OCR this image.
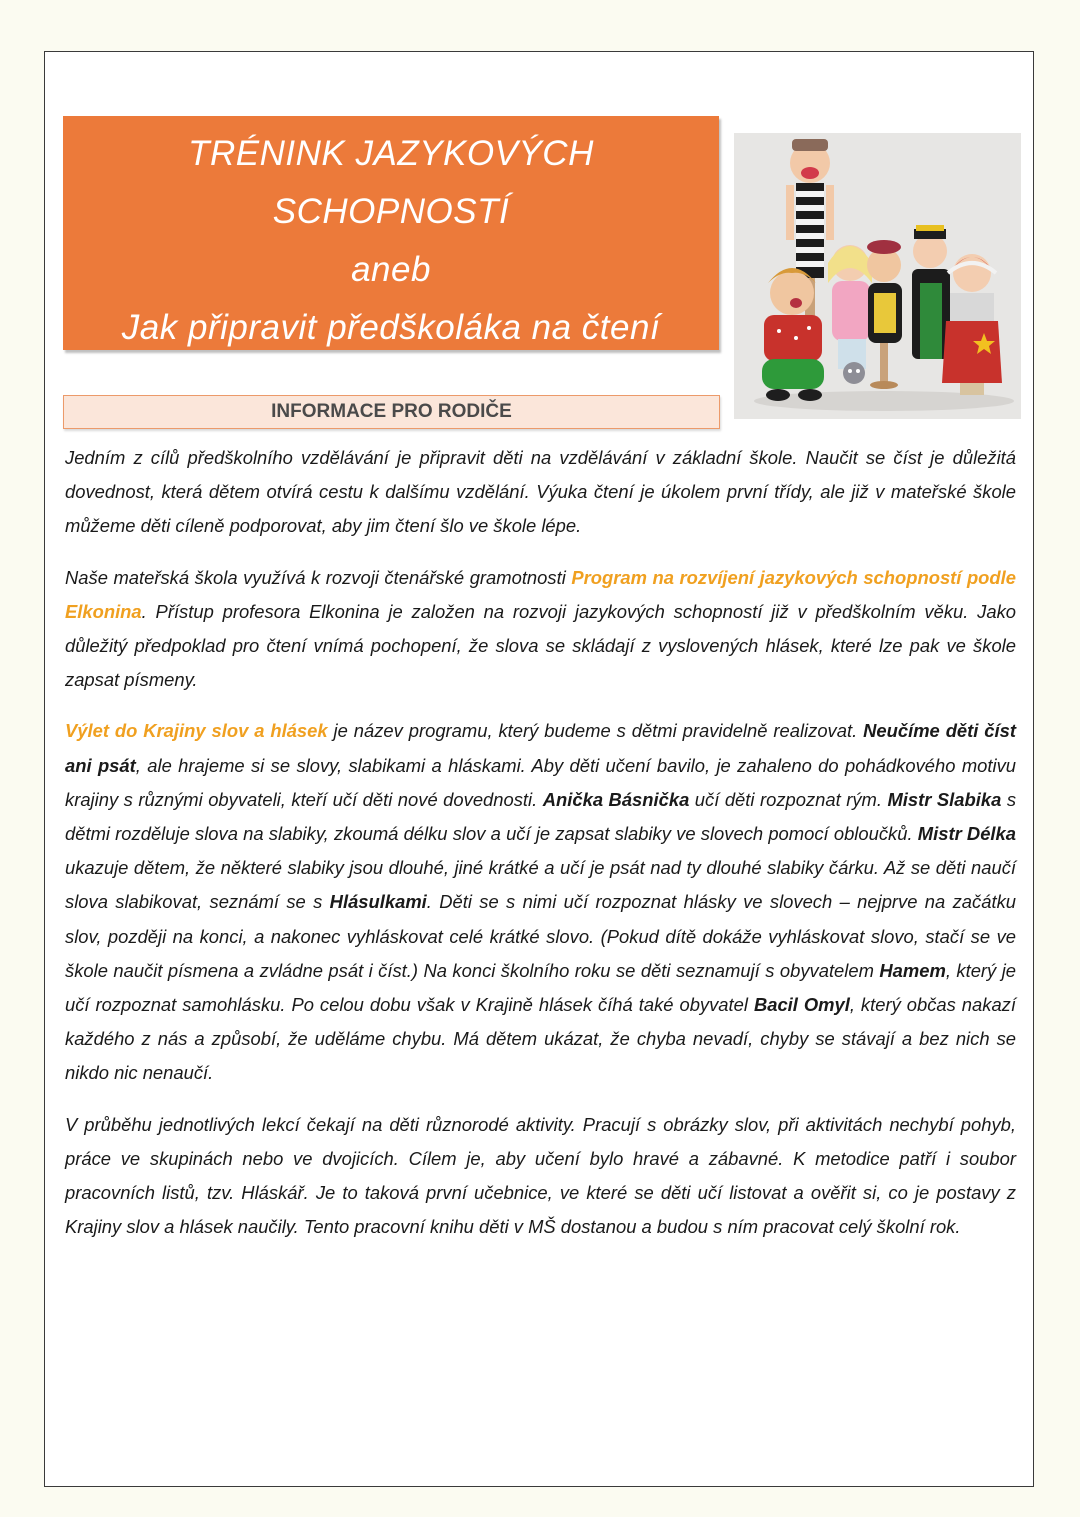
TRÉNINK JAZYKOVÝCH
SCHOPNOSTÍ
aneb
Jak připravit předškoláka na čtení
INFORMACE PRO RODIČE

Jedním z cílů předškolního vzdělávání je připravit děti na vzdělávání v základní škole. Naučit se číst je důležitá dovednost, která dětem otvírá cestu k dalšímu vzdělání. Výuka čtení je úkolem první třídy, ale již v mateřské škole můžeme děti cíleně podporovat, aby jim čtení šlo ve škole lépe.

Naše mateřská škola využívá k rozvoji čtenářské gramotnosti Program na rozvíjení jazykových schopností podle Elkonina. Přístup profesora Elkonina je založen na rozvoji jazykových schopností již v předškolním věku. Jako důležitý předpoklad pro čtení vnímá pochopení, že slova se skládají z vyslovených hlásek, které lze pak ve škole zapsat písmeny.

Výlet do Krajiny slov a hlásek je název programu, který budeme s dětmi pravidelně realizovat. Neučíme děti číst ani psát, ale hrajeme si se slovy, slabikami a hláskami. Aby děti učení bavilo, je zahaleno do pohádkového motivu krajiny s různými obyvateli, kteří učí děti nové dovednosti. Anička Básnička učí děti rozpoznat rým. Mistr Slabika s dětmi rozděluje slova na slabiky, zkoumá délku slov a učí je zapsat slabiky ve slovech pomocí obloučků. Mistr Délka ukazuje dětem, že některé slabiky jsou dlouhé, jiné krátké a učí je psát nad ty dlouhé slabiky čárku. Až se děti naučí slova slabikovat, seznámí se s Hlásulkami. Děti se s nimi učí rozpoznat hlásky ve slovech – nejprve na začátku slov, později na konci, a nakonec vyhláskovat celé krátké slovo. (Pokud dítě dokáže vyhláskovat slovo, stačí se ve škole naučit písmena a zvládne psát i číst.) Na konci školního roku se děti seznamují s obyvatelem Hamem, který je učí rozpoznat samohlásku. Po celou dobu však v Krajině hlásek číhá také obyvatel Bacil Omyl, který občas nakazí každého z nás a způsobí, že uděláme chybu. Má dětem ukázat, že chyba nevadí, chyby se stávají a bez nich se nikdo nic nenaučí.

V průběhu jednotlivých lekcí čekají na děti různorodé aktivity. Pracují s obrázky slov, při aktivitách nechybí pohyb, práce ve skupinách nebo ve dvojicích. Cílem je, aby učení bylo hravé a zábavné. K metodice patří i soubor pracovních listů, tzv. Hláskář. Je to taková první učebnice, ve které se děti učí listovat a ověřit si, co je postavy z Krajiny slov a hlásek naučily. Tento pracovní knihu děti v MŠ dostanou a budou s ním pracovat celý školní rok.
